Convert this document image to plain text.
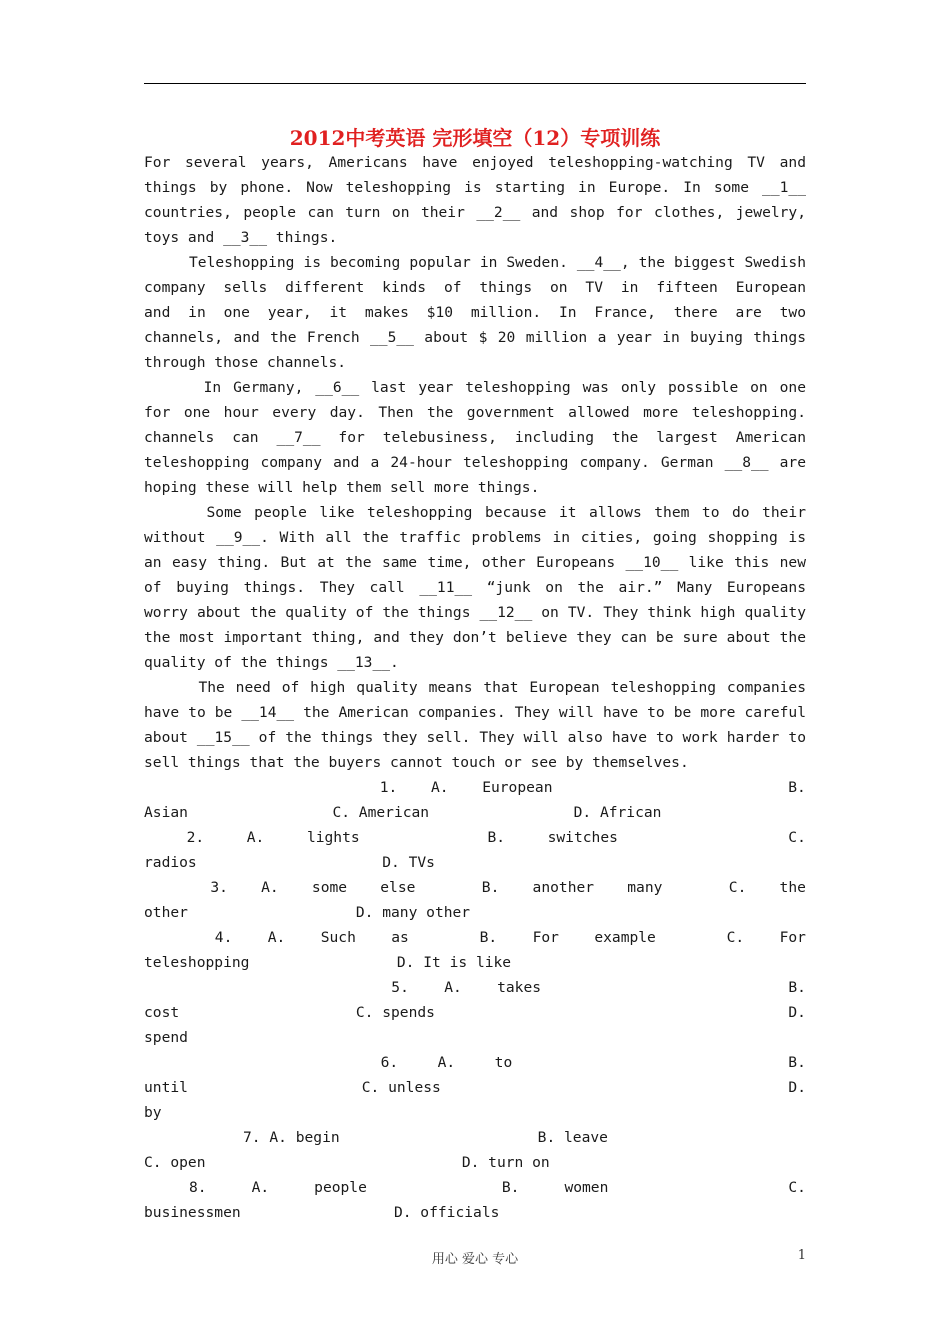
2012中考英语 完形填空（12）专项训练
For several years, Americans have enjoyed teleshopping-watching TV and
things by phone. Now teleshopping is starting in Europe. In some __1__
countries, people can turn on their __2__ and shop for clothes, jewelry,
toys and __3__ things.
Teleshopping is becoming popular in Sweden. __4__, the biggest Swedish
company sells different kinds of things on TV in fifteen European
and in one year, it makes $10 million. In France, there are two
channels, and the French __5__ about $ 20 million a year in buying things
through those channels.
In Germany, __6__ last year teleshopping was only possible on one
for one hour every day. Then the government allowed more teleshopping.
channels can __7__ for telebusiness, including the largest American
teleshopping company and a 24-hour teleshopping company. German __8__ are
hoping these will help them sell more things.
Some people like teleshopping because it allows them to do their
without __9__. With all the traffic problems in cities, going shopping is
an easy thing. But at the same time, other Europeans __10__ like this new
of buying things. They call __11__ “junk on the air.” Many Europeans
worry about the quality of the things __12__ on TV. They think high quality
the most important thing, and they don’t believe they can be sure about the
quality of the things __13__.
The need of high quality means that European teleshopping companies
have to be __14__ the American companies. They will have to be more careful
about __15__ of the things they sell. They will also have to work harder to
sell things that the buyers cannot touch or see by themselves.
1. A. European	B.
Asian	C. American	D. African
2.	A.	lights	B.	switches	C.
radios	D. TVs
3. A. some else	B. another many	C. the
other	D. many other
4. A. Such as	B. For example	C. For
teleshopping	D. It is like
5. A. takes	B.
cost	C. spends	D.
spend
6.	A.	to	B.
until	C. unless	D.
by
7. A. begin	B. leave
C. open	D. turn on
8.	A.	people	B.	women	C.
businessmen	D. officials
用心 爱心 专心	1
